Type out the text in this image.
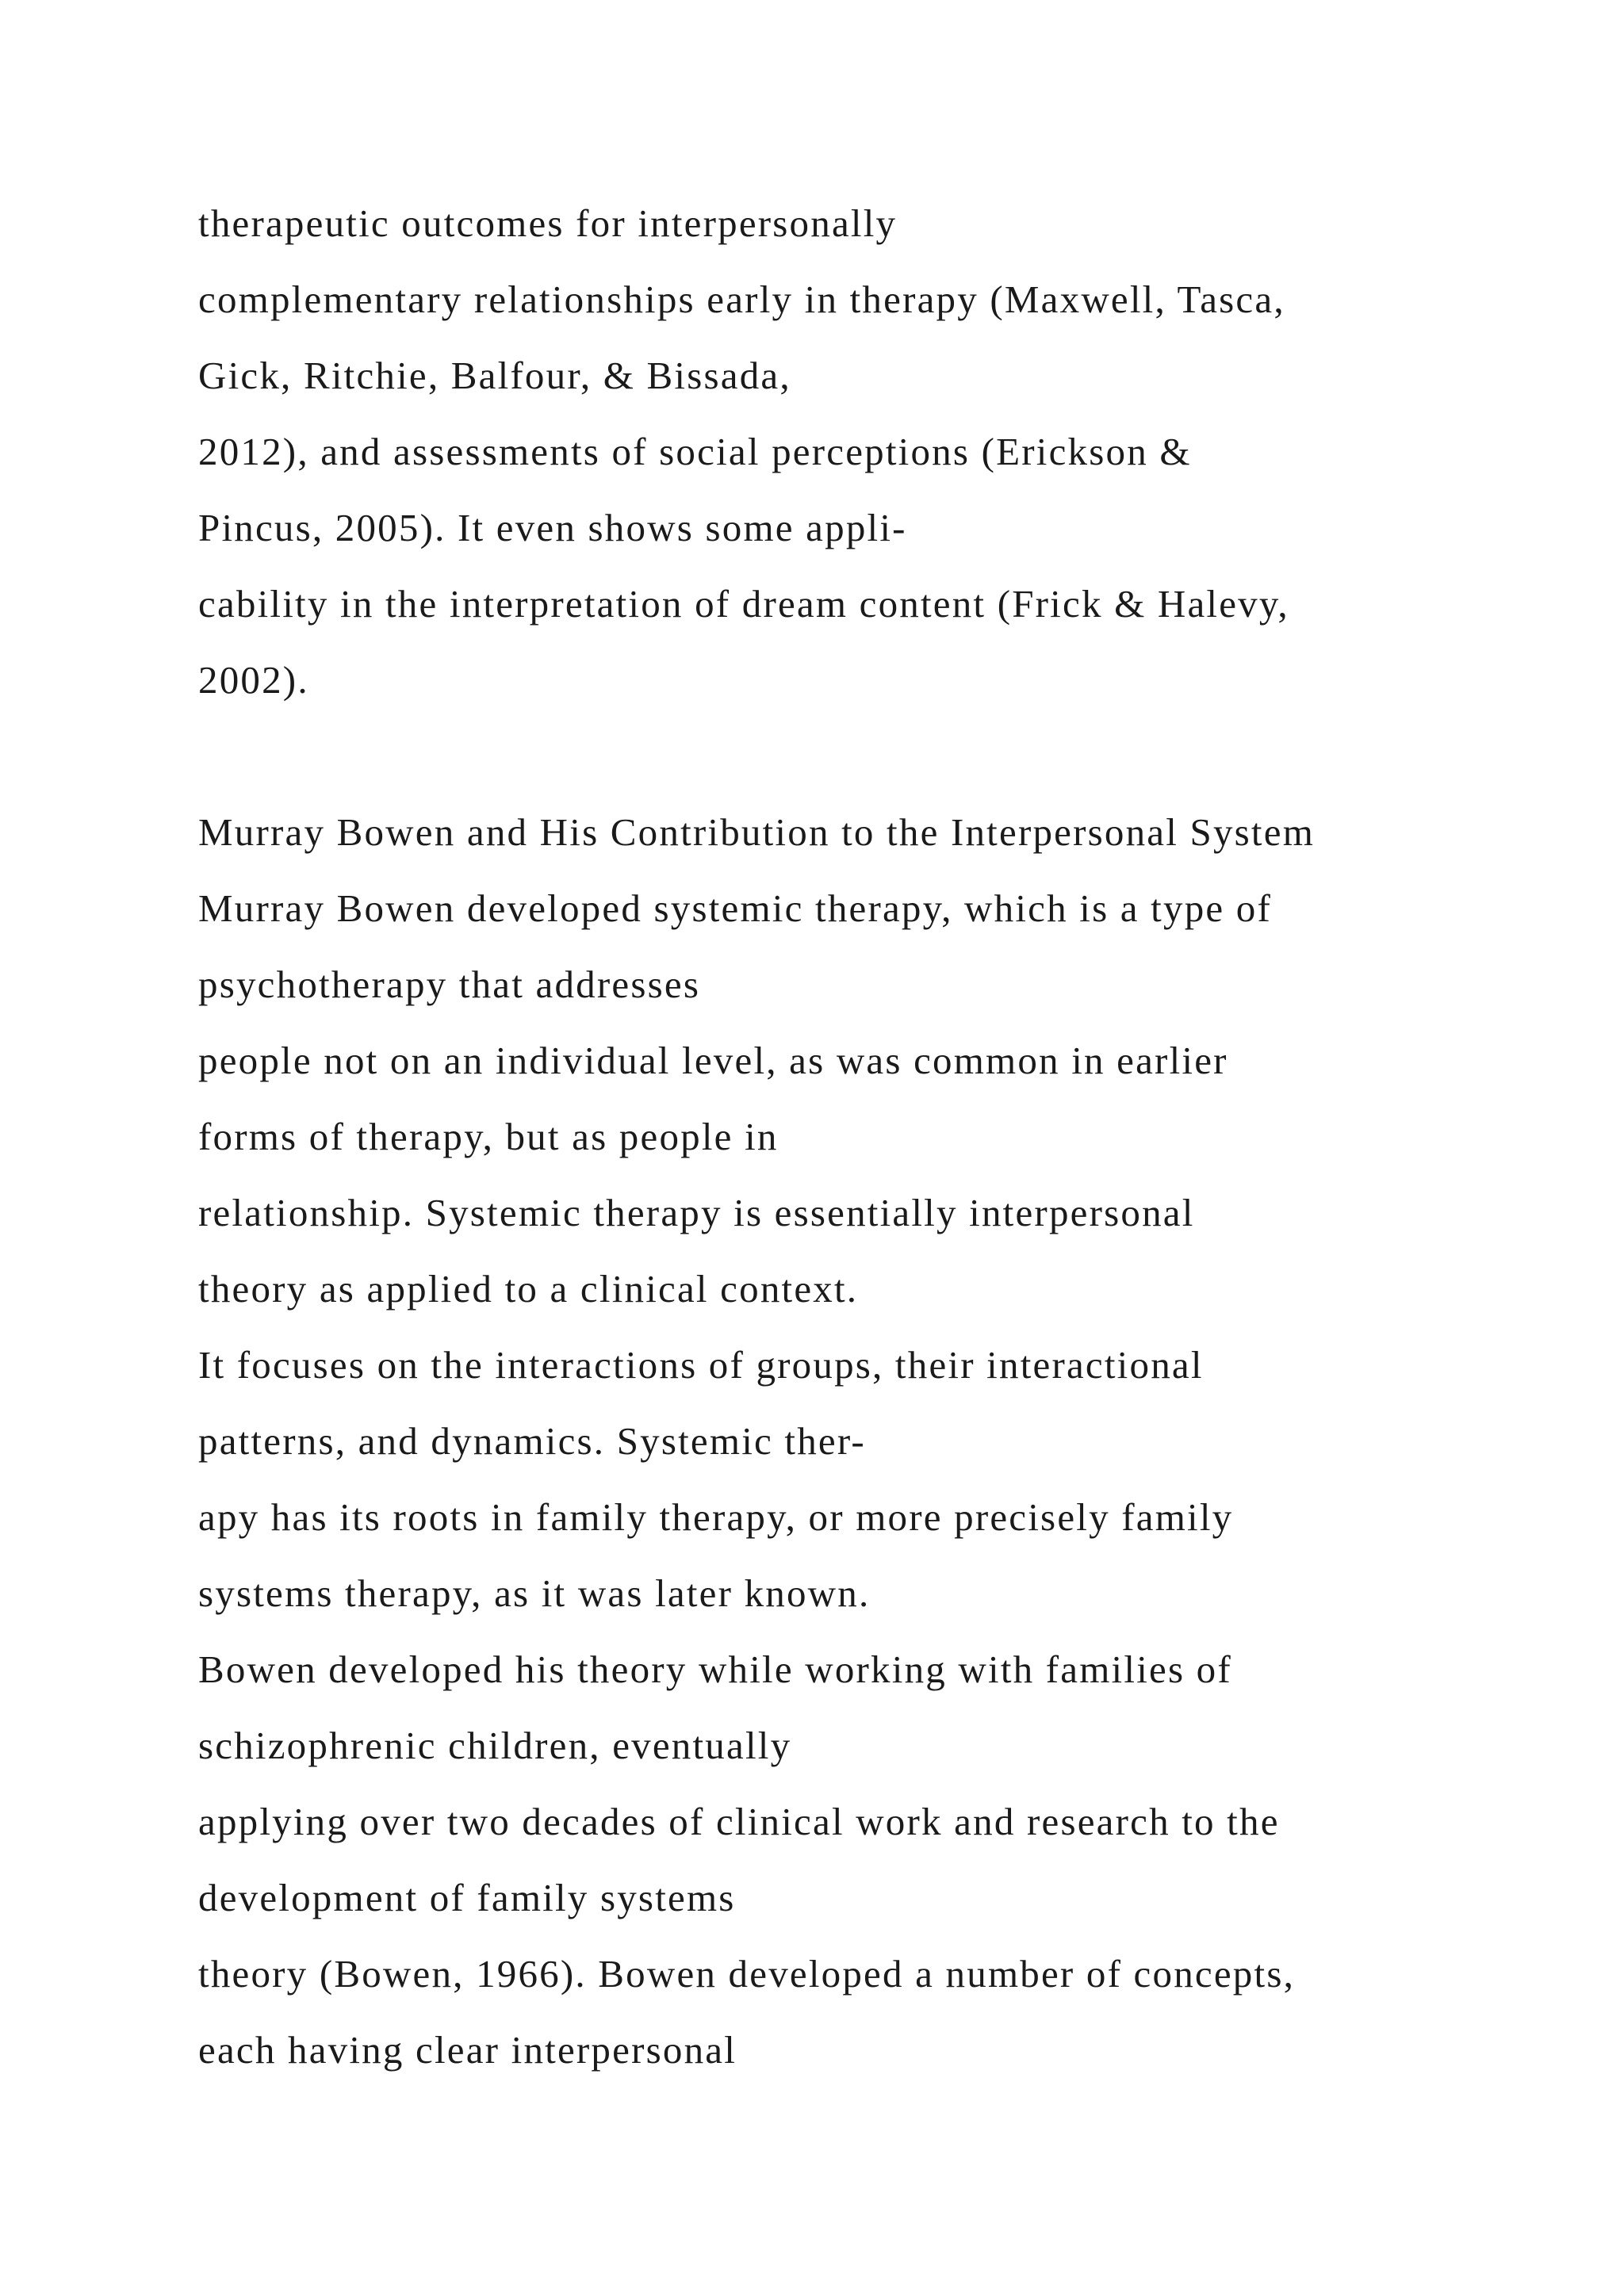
therapeutic outcomes for interpersonally
complementary relationships early in therapy (Maxwell, Tasca,
Gick, Ritchie, Balfour, & Bissada,
2012), and assessments of social perceptions (Erickson &
Pincus, 2005). It even shows some appli-
cability in the interpretation of dream content (Frick & Halevy,
2002).
Murray Bowen and His Contribution to the Interpersonal System
Murray Bowen developed systemic therapy, which is a type of
psychotherapy that addresses
people not on an individual level, as was common in earlier
forms of therapy, but as people in
relationship. Systemic therapy is essentially interpersonal
theory as applied to a clinical context.
It focuses on the interactions of groups, their interactional
patterns, and dynamics. Systemic ther-
apy has its roots in family therapy, or more precisely family
systems therapy, as it was later known.
Bowen developed his theory while working with families of
schizophrenic children, eventually
applying over two decades of clinical work and research to the
development of family systems
theory (Bowen, 1966). Bowen developed a number of concepts,
each having clear interpersonal
